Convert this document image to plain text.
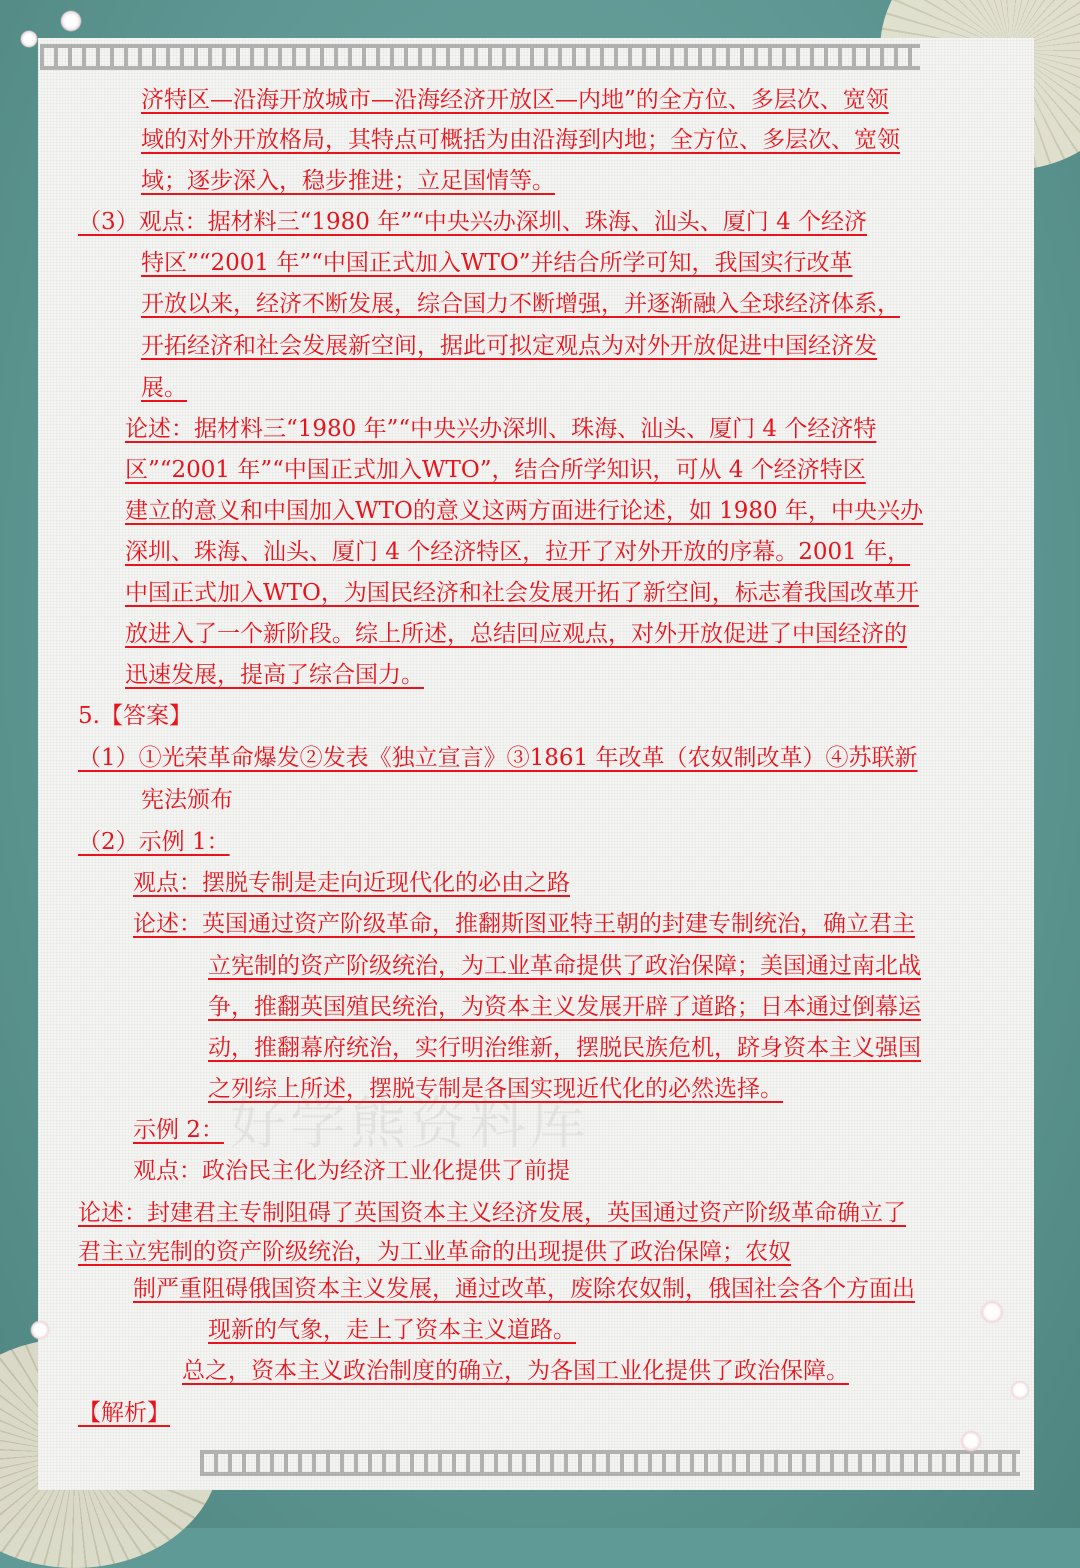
好学熊资料库

济特区—沿海开放城市—沿海经济开放区—内地”的全方位、多层次、宽领

域的对外开放格局，其特点可概括为由沿海到内地；全方位、多层次、宽领

域；逐步深入，稳步推进；立足国情等。

（3）观点：据材料三“1980 年”“中央兴办深圳、珠海、汕头、厦门 4 个经济

特区”“2001 年”“中国正式加入WTO”并结合所学可知，我国实行改革

开放以来，经济不断发展，综合国力不断增强，并逐渐融入全球经济体系，

开拓经济和社会发展新空间，据此可拟定观点为对外开放促进中国经济发

展。

论述：据材料三“1980 年”“中央兴办深圳、珠海、汕头、厦门 4 个经济特

区”“2001 年”“中国正式加入WTO”，结合所学知识，可从 4 个经济特区

建立的意义和中国加入WTO的意义这两方面进行论述，如 1980 年，中央兴办

深圳、珠海、汕头、厦门 4 个经济特区，拉开了对外开放的序幕。2001 年，

中国正式加入WTO，为国民经济和社会发展开拓了新空间，标志着我国改革开

放进入了一个新阶段。综上所述，总结回应观点，对外开放促进了中国经济的

迅速发展，提高了综合国力。

5.【答案】

（1）①光荣革命爆发②发表《独立宣言》③1861 年改革（农奴制改革）④苏联新

宪法颁布

（2）示例 1：

观点：摆脱专制是走向近现代化的必由之路

论述：英国通过资产阶级革命，推翻斯图亚特王朝的封建专制统治，确立君主

立宪制的资产阶级统治，为工业革命提供了政治保障；美国通过南北战

争，推翻英国殖民统治，为资本主义发展开辟了道路；日本通过倒幕运

动，推翻幕府统治，实行明治维新，摆脱民族危机，跻身资本主义强国

之列综上所述，摆脱专制是各国实现近代化的必然选择。

示例 2：

观点：政治民主化为经济工业化提供了前提

论述：封建君主专制阻碍了英国资本主义经济发展，英国通过资产阶级革命确立了

君主立宪制的资产阶级统治，为工业革命的出现提供了政治保障；农奴

制严重阻碍俄国资本主义发展，通过改革，废除农奴制，俄国社会各个方面出

现新的气象，走上了资本主义道路。

总之，资本主义政治制度的确立，为各国工业化提供了政治保障。

【解析】
